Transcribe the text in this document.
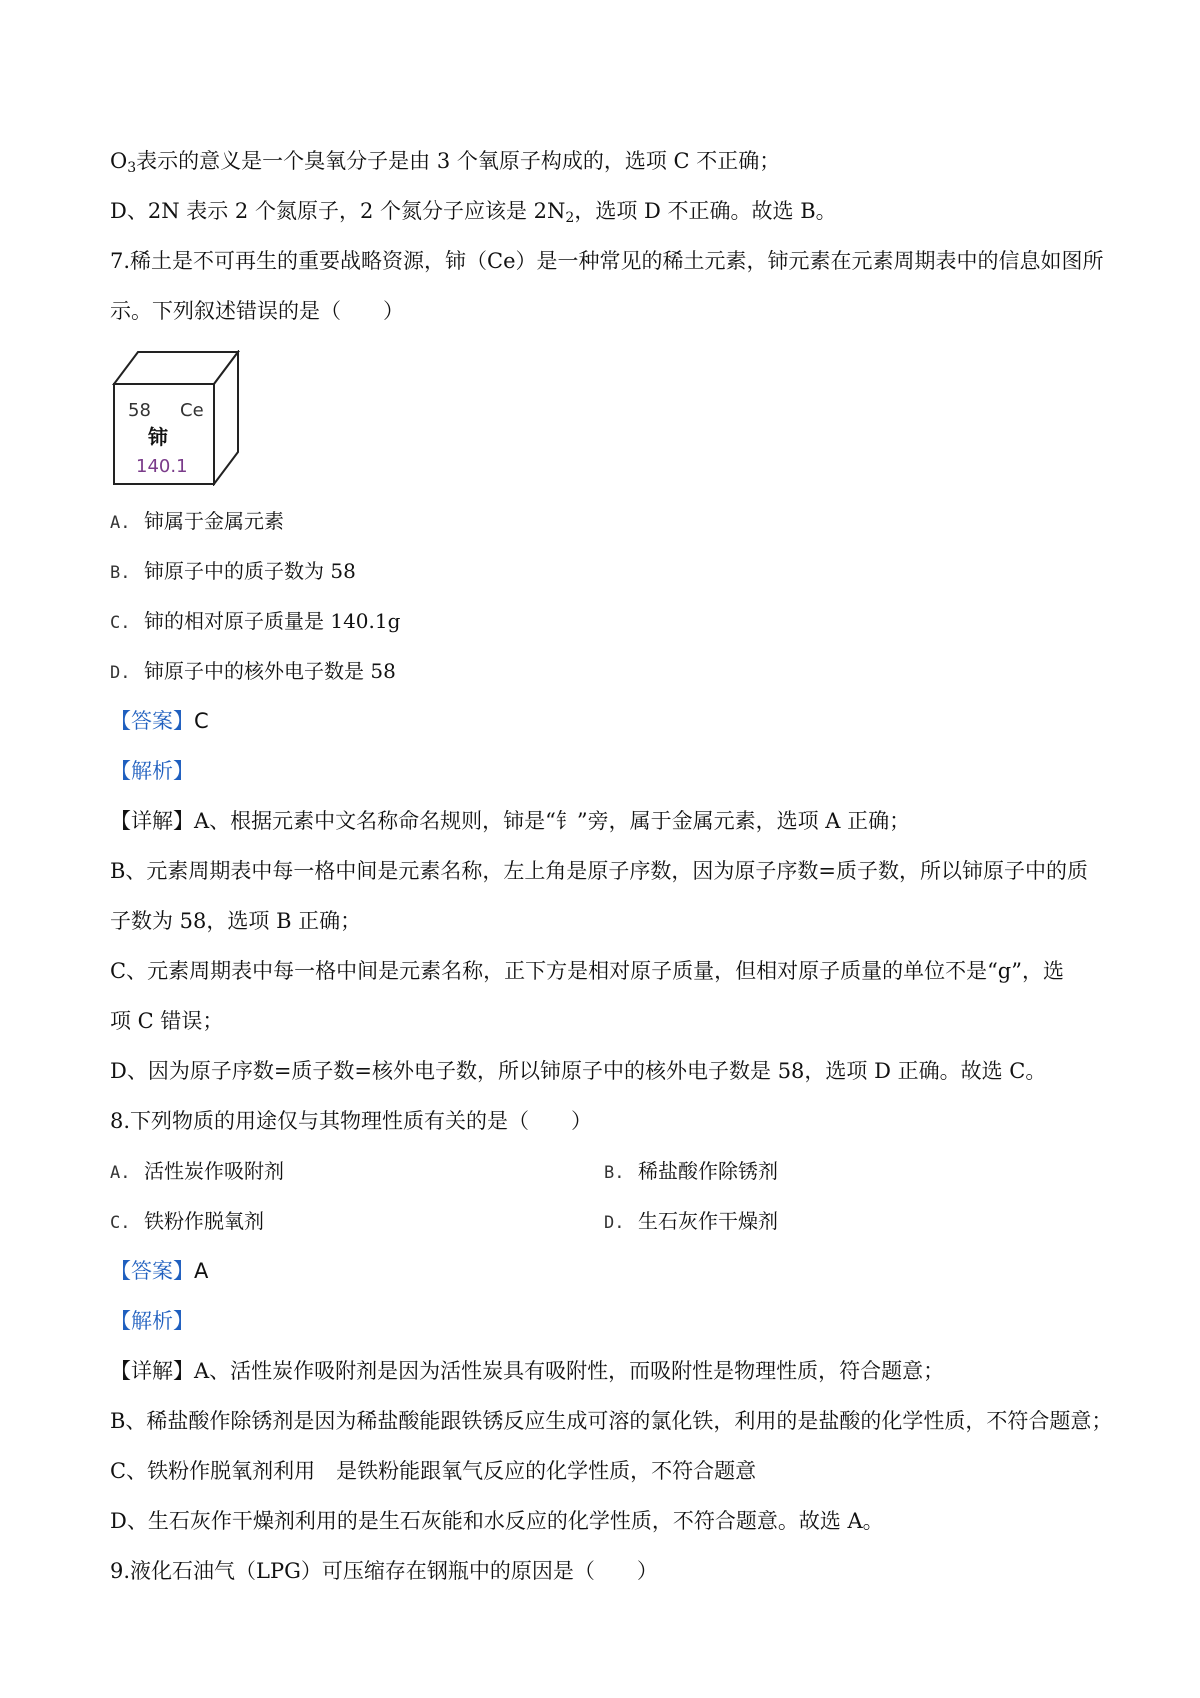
$O_3$表示的意义是一个臭氧分子是由 3 个氧原子构成的，选项 C 不正确；
D、2N 表示 2 个氮原子，2 个氮分子应该是 $2N_2$，选项 D 不正确。故选 B。
7.稀土是不可再生的重要战略资源，铈（Ce）是一种常见的稀土元素，铈元素在元素周期表中的信息如图所
示。下列叙述错误的是（　　）
58 Ce
铈
140.1
A. 铈属于金属元素
B. 铈原子中的质子数为 58
C. 铈的相对原子质量是 140.1g
D. 铈原子中的核外电子数是 58
【答案】C
【解析】
【详解】A、根据元素中文名称命名规则，铈是“钅”旁，属于金属元素，选项 A 正确；
B、元素周期表中每一格中间是元素名称，左上角是原子序数，因为原子序数=质子数，所以铈原子中的质
子数为 58，选项 B 正确；
C、元素周期表中每一格中间是元素名称，正下方是相对原子质量，但相对原子质量的单位不是“g”，选
项 C 错误；
D、因为原子序数=质子数=核外电子数，所以铈原子中的核外电子数是 58，选项 D 正确。故选 C。
8.下列物质的用途仅与其物理性质有关的是（　　）
A. 活性炭作吸附剂	B. 稀盐酸作除锈剂
C. 铁粉作脱氧剂	D. 生石灰作干燥剂
【答案】A
【解析】
【详解】A、活性炭作吸附剂是因为活性炭具有吸附性，而吸附性是物理性质，符合题意；
B、稀盐酸作除锈剂是因为稀盐酸能跟铁锈反应生成可溶的氯化铁，利用的是盐酸的化学性质，不符合题意；
C、铁粉作脱氧剂利用　是铁粉能跟氧气反应的化学性质，不符合题意
D、生石灰作干燥剂利用的是生石灰能和水反应的化学性质，不符合题意。故选 A。
9.液化石油气（LPG）可压缩存在钢瓶中的原因是（　　）
